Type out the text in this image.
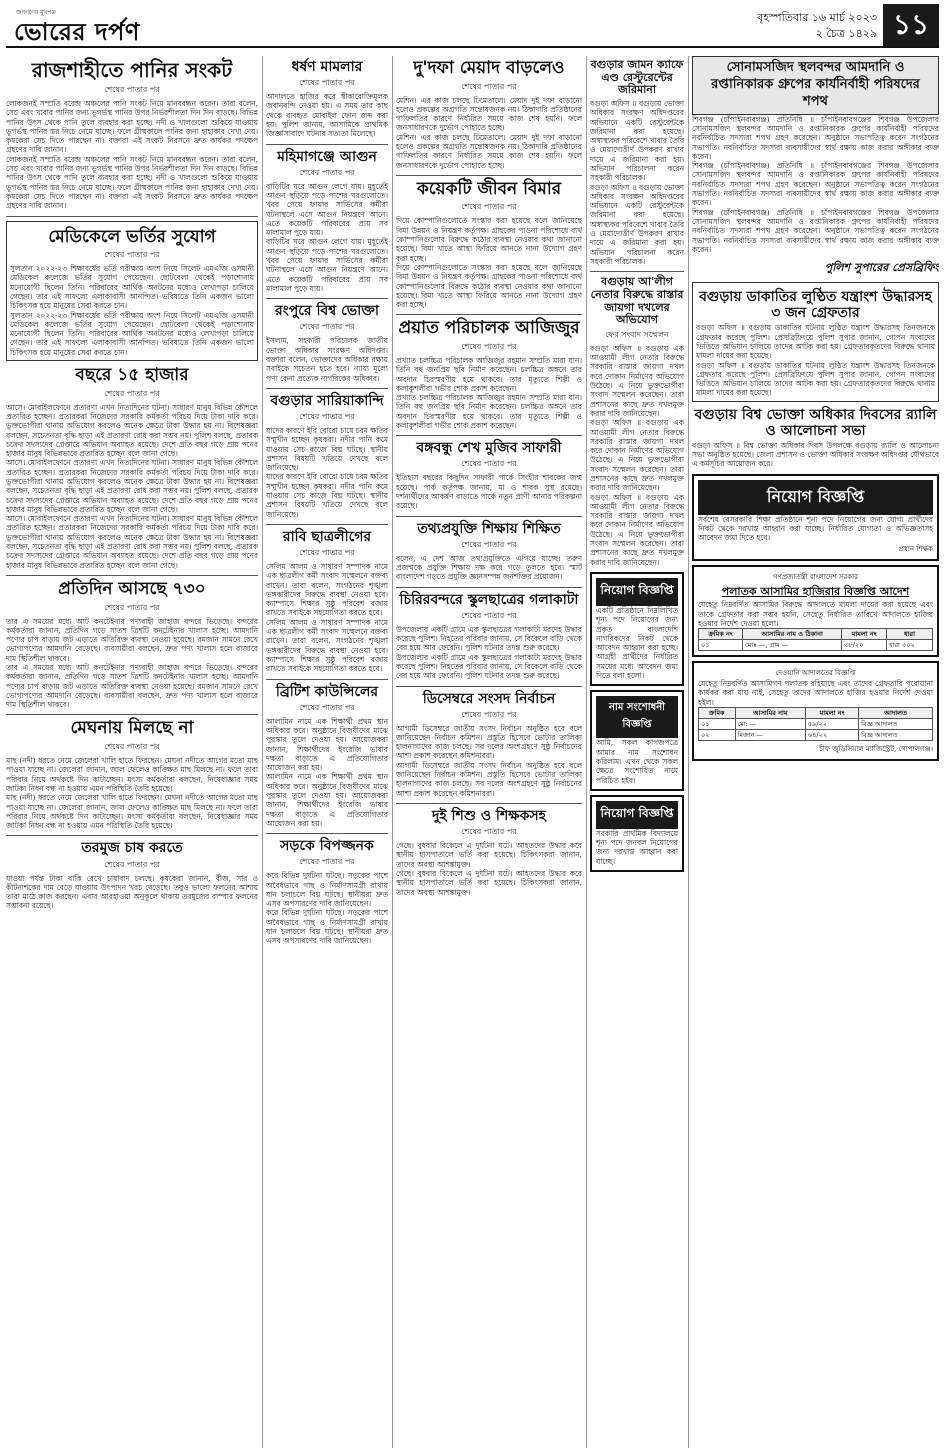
জনগণের মুখপত্র
ভোরের দর্পণ
বৃহস্পতিবার ১৬ মার্চ ২০২৩
২ চৈত্র ১৪২৯ ১১
রাজশাহীতে পানির সংকট
শেষের পাতার পর
লোকজনই সম্প্রতি বরেন্দ্র অঞ্চলের পানি সংকট নিয়ে মানববন্ধন করেন। তারা বলেন, সেচ এবং খাবার পানির জন্য ভূগর্ভস্থ পানির উপর নির্ভরশীলতা দিন দিন বাড়ছে। বিভিন্ন পানির উৎস থেকে পানি তুলে ব্যবহার করা হচ্ছে। নদী ও খালগুলো শুকিয়ে যাওয়ায় ভূগর্ভস্থ পানির স্তর নিচে নেমে যাচ্ছে। ফলে গ্রীষ্মকালে পানির জন্য হাহাকার দেখা দেয়। কৃষকেরা সেচ দিতে পারছেন না। বক্তারা এই সংকট নিরসনে দ্রুত কার্যকর পদক্ষেপ গ্রহণের দাবি জানান।
লোকজনই সম্প্রতি বরেন্দ্র অঞ্চলের পানি সংকট নিয়ে মানববন্ধন করেন। তারা বলেন, সেচ এবং খাবার পানির জন্য ভূগর্ভস্থ পানির উপর নির্ভরশীলতা দিন দিন বাড়ছে। বিভিন্ন পানির উৎস থেকে পানি তুলে ব্যবহার করা হচ্ছে। নদী ও খালগুলো শুকিয়ে যাওয়ায় ভূগর্ভস্থ পানির স্তর নিচে নেমে যাচ্ছে। ফলে গ্রীষ্মকালে পানির জন্য হাহাকার দেখা দেয়। কৃষকেরা সেচ দিতে পারছেন না। বক্তারা এই সংকট নিরসনে দ্রুত কার্যকর পদক্ষেপ গ্রহণের দাবি জানান।
মেডিকেলে ভর্তির সুযোগ
শেষের পাতার পর
সুলতান ২০২২-২৩ শিক্ষাবর্ষের ভর্তি পরীক্ষায় অংশ নিয়ে সিলেট এমএজি ওসমানী মেডিকেল কলেজে ভর্তির সুযোগ পেয়েছেন। ছোটবেলা থেকেই পড়াশোনায় মনোযোগী ছিলেন তিনি। পরিবারের আর্থিক অনটনের মধ্যেও লেখাপড়া চালিয়ে গেছেন। তার এই সাফল্যে এলাকাবাসী আনন্দিত। ভবিষ্যতে তিনি একজন ভালো চিকিৎসক হয়ে মানুষের সেবা করতে চান।
সুলতান ২০২২-২৩ শিক্ষাবর্ষের ভর্তি পরীক্ষায় অংশ নিয়ে সিলেট এমএজি ওসমানী মেডিকেল কলেজে ভর্তির সুযোগ পেয়েছেন। ছোটবেলা থেকেই পড়াশোনায় মনোযোগী ছিলেন তিনি। পরিবারের আর্থিক অনটনের মধ্যেও লেখাপড়া চালিয়ে গেছেন। তার এই সাফল্যে এলাকাবাসী আনন্দিত। ভবিষ্যতে তিনি একজন ভালো চিকিৎসক হয়ে মানুষের সেবা করতে চান।
বছরে ১৫ হাজার
শেষের পাতার পর
আসে। মোবাইলফোনে প্রতারণা এখন নিত্যদিনের ঘটনা। সাধারণ মানুষ বিভিন্ন কৌশলে প্রতারিত হচ্ছেন। প্রতারকরা নিজেদের সরকারি কর্মকর্তা পরিচয় দিয়ে টাকা দাবি করে। ভুক্তভোগীরা থানায় অভিযোগ করলেও অনেক ক্ষেত্রে টাকা উদ্ধার হয় না। বিশেষজ্ঞরা বলছেন, সচেতনতা বৃদ্ধি ছাড়া এই প্রতারণা রোধ করা সম্ভব নয়। পুলিশ বলছে, প্রতারক চক্রের সদস্যদের গ্রেপ্তারে অভিযান অব্যাহত রয়েছে। দেশে প্রতি বছর গড়ে প্রায় পনের হাজার মানুষ বিভিন্নভাবে প্রতারিত হচ্ছেন বলে জানা গেছে।
আসে। মোবাইলফোনে প্রতারণা এখন নিত্যদিনের ঘটনা। সাধারণ মানুষ বিভিন্ন কৌশলে প্রতারিত হচ্ছেন। প্রতারকরা নিজেদের সরকারি কর্মকর্তা পরিচয় দিয়ে টাকা দাবি করে। ভুক্তভোগীরা থানায় অভিযোগ করলেও অনেক ক্ষেত্রে টাকা উদ্ধার হয় না। বিশেষজ্ঞরা বলছেন, সচেতনতা বৃদ্ধি ছাড়া এই প্রতারণা রোধ করা সম্ভব নয়। পুলিশ বলছে, প্রতারক চক্রের সদস্যদের গ্রেপ্তারে অভিযান অব্যাহত রয়েছে। দেশে প্রতি বছর গড়ে প্রায় পনের হাজার মানুষ বিভিন্নভাবে প্রতারিত হচ্ছেন বলে জানা গেছে।
আসে। মোবাইলফোনে প্রতারণা এখন নিত্যদিনের ঘটনা। সাধারণ মানুষ বিভিন্ন কৌশলে প্রতারিত হচ্ছেন। প্রতারকরা নিজেদের সরকারি কর্মকর্তা পরিচয় দিয়ে টাকা দাবি করে। ভুক্তভোগীরা থানায় অভিযোগ করলেও অনেক ক্ষেত্রে টাকা উদ্ধার হয় না। বিশেষজ্ঞরা বলছেন, সচেতনতা বৃদ্ধি ছাড়া এই প্রতারণা রোধ করা সম্ভব নয়। পুলিশ বলছে, প্রতারক চক্রের সদস্যদের গ্রেপ্তারে অভিযান অব্যাহত রয়েছে। দেশে প্রতি বছর গড়ে প্রায় পনের হাজার মানুষ বিভিন্নভাবে প্রতারিত হচ্ছেন বলে জানা গেছে।
প্রতিদিন আসছে ৭৩০
শেষের পাতার পর
তার এ সময়ের মধ্যে আট কনটেইনার পণ্যবাহী জাহাজ বন্দরে ভিড়েছে। বন্দরের কর্মকর্তারা জানান, প্রতিদিন গড়ে সাতশ ত্রিশটি কনটেইনার খালাস হচ্ছে। আমদানি পণ্যের চাপ বাড়ায় জট এড়াতে অতিরিক্ত ব্যবস্থা নেওয়া হয়েছে। রমজান সামনে রেখে ভোগ্যপণ্যের আমদানি বেড়েছে। ব্যবসায়ীরা বলছেন, দ্রুত পণ্য খালাস হলে বাজারে দাম স্থিতিশীল থাকবে।
তার এ সময়ের মধ্যে আট কনটেইনার পণ্যবাহী জাহাজ বন্দরে ভিড়েছে। বন্দরের কর্মকর্তারা জানান, প্রতিদিন গড়ে সাতশ ত্রিশটি কনটেইনার খালাস হচ্ছে। আমদানি পণ্যের চাপ বাড়ায় জট এড়াতে অতিরিক্ত ব্যবস্থা নেওয়া হয়েছে। রমজান সামনে রেখে ভোগ্যপণ্যের আমদানি বেড়েছে। ব্যবসায়ীরা বলছেন, দ্রুত পণ্য খালাস হলে বাজারে দাম স্থিতিশীল থাকবে।
মেঘনায় মিলছে না
শেষের পাতার পর
মাছ (নদী) ধরতে নেমে জেলেরা খালি হাতে ফিরছেন। মেঘনা নদীতে আগের মতো মাছ পাওয়া যাচ্ছে না। জেলেরা জানান, জাল ফেলেও কাঙ্ক্ষিত মাছ মিলছে না। ফলে তারা পরিবার নিয়ে অর্থকষ্টে দিন কাটাচ্ছেন। মৎস্য কর্মকর্তারা বলছেন, নিষেধাজ্ঞার সময় জাটকা নিধন বন্ধ না হওয়ায় এমন পরিস্থিতি তৈরি হয়েছে।
মাছ (নদী) ধরতে নেমে জেলেরা খালি হাতে ফিরছেন। মেঘনা নদীতে আগের মতো মাছ পাওয়া যাচ্ছে না। জেলেরা জানান, জাল ফেলেও কাঙ্ক্ষিত মাছ মিলছে না। ফলে তারা পরিবার নিয়ে অর্থকষ্টে দিন কাটাচ্ছেন। মৎস্য কর্মকর্তারা বলছেন, নিষেধাজ্ঞার সময় জাটকা নিধন বন্ধ না হওয়ায় এমন পরিস্থিতি তৈরি হয়েছে।
তরমুজ চাষ করতে
শেষের পাতার পর
যাওয়া পর্যন্ত টাকা বাকি রেখে চাষাবাদ চলছে। কৃষকেরা জানান, বীজ, সার ও কীটনাশকের দাম বেড়ে যাওয়ায় উৎপাদন খরচ বেড়েছে। তবুও ভালো ফলনের আশায় তারা মাঠে কাজ করছেন। এবার আবহাওয়া অনুকূলে থাকায় তরমুজের বাম্পার ফলনের সম্ভাবনা রয়েছে।
ধর্ষণ মামলার
শেষের পাতার পর
আদালতে হাজির করে স্বীকারোক্তিমূলক জবানবন্দি নেওয়া হয়। এ সময় তার কাছ থেকে ব্যবহৃত মোবাইল ফোন জব্দ করা হয়। পুলিশ জানায়, আসামিকে প্রাথমিক জিজ্ঞাসাবাদে ঘটনার সত্যতা মিলেছে।
মহিমাগঞ্জে আগুন
শেষের পাতার পর
বাড়িটির ঘরে আগুন লেগে যায়। মুহূর্তেই আগুন ছড়িয়ে পড়ে পাশের ঘরগুলোতে। খবর পেয়ে ফায়ার সার্ভিসের কর্মীরা ঘটনাস্থলে এসে আগুন নিয়ন্ত্রণে আনে। এতে কয়েকটি পরিবারের প্রায় সব মালামাল পুড়ে যায়।
বাড়িটির ঘরে আগুন লেগে যায়। মুহূর্তেই আগুন ছড়িয়ে পড়ে পাশের ঘরগুলোতে। খবর পেয়ে ফায়ার সার্ভিসের কর্মীরা ঘটনাস্থলে এসে আগুন নিয়ন্ত্রণে আনে। এতে কয়েকটি পরিবারের প্রায় সব মালামাল পুড়ে যায়।
রংপুরে বিশ্ব ভোক্তা
শেষের পাতার পর
ইসলাম, সহকারী পরিচালক জাতীয় ভোক্তা অধিকার সংরক্ষণ অধিদপ্তর। বক্তারা বলেন, ভোক্তাদের অধিকার রক্ষায় সবাইকে সচেতন হতে হবে। ন্যায্য মূল্যে পণ্য কেনা প্রত্যেক নাগরিকের অধিকার।
বগুড়ার সারিয়াকান্দি
শেষের পাতার পর
যাদের কারণে ইরি বোরো চাষে চরম ক্ষতির সম্মুখীন হচ্ছেন কৃষকরা। নদীর পানি কমে যাওয়ায় সেচ কাজে বিঘ্ন ঘটছে। স্থানীয় প্রশাসন বিষয়টি খতিয়ে দেখছে বলে জানিয়েছে।
যাদের কারণে ইরি বোরো চাষে চরম ক্ষতির সম্মুখীন হচ্ছেন কৃষকরা। নদীর পানি কমে যাওয়ায় সেচ কাজে বিঘ্ন ঘটছে। স্থানীয় প্রশাসন বিষয়টি খতিয়ে দেখছে বলে জানিয়েছে।
রাবি ছাত্রলীগের
শেষের পাতার পর
সেলিম আলম ও সাধারণ সম্পাদক নামে এক ছাত্রলীগ কর্মী সংবাদ সম্মেলনে বক্তব্য রাখেন। তারা বলেন, সংগঠনের শৃঙ্খলা ভঙ্গকারীদের বিরুদ্ধে ব্যবস্থা নেওয়া হবে। ক্যাম্পাসে শিক্ষার সুষ্ঠু পরিবেশ বজায় রাখতে সবাইকে সহযোগিতা করতে হবে।
সেলিম আলম ও সাধারণ সম্পাদক নামে এক ছাত্রলীগ কর্মী সংবাদ সম্মেলনে বক্তব্য রাখেন। তারা বলেন, সংগঠনের শৃঙ্খলা ভঙ্গকারীদের বিরুদ্ধে ব্যবস্থা নেওয়া হবে। ক্যাম্পাসে শিক্ষার সুষ্ঠু পরিবেশ বজায় রাখতে সবাইকে সহযোগিতা করতে হবে।
ব্রিটিশ কাউন্সিলের
শেষের পাতার পর
আলামিন নামে এক শিক্ষার্থী প্রথম স্থান অধিকার করে। অনুষ্ঠানে বিজয়ীদের মাঝে পুরস্কার তুলে দেওয়া হয়। আয়োজকরা জানান, শিক্ষার্থীদের ইংরেজি ভাষার দক্ষতা বাড়াতে এ প্রতিযোগিতার আয়োজন করা হয়।
আলামিন নামে এক শিক্ষার্থী প্রথম স্থান অধিকার করে। অনুষ্ঠানে বিজয়ীদের মাঝে পুরস্কার তুলে দেওয়া হয়। আয়োজকরা জানান, শিক্ষার্থীদের ইংরেজি ভাষার দক্ষতা বাড়াতে এ প্রতিযোগিতার আয়োজন করা হয়।
সড়কে বিপজ্জনক
শেষের পাতার পর
করে বিভিন্ন দুর্ঘটনা ঘটছে। সড়কের পাশে অবৈধভাবে গাছ ও নির্মাণসামগ্রী রাখায় যান চলাচলে বিঘ্ন ঘটছে। স্থানীয়রা দ্রুত এসব অপসারণের দাবি জানিয়েছেন।
করে বিভিন্ন দুর্ঘটনা ঘটছে। সড়কের পাশে অবৈধভাবে গাছ ও নির্মাণসামগ্রী রাখায় যান চলাচলে বিঘ্ন ঘটছে। স্থানীয়রা দ্রুত এসব অপসারণের দাবি জানিয়েছেন।
দু'দফা মেয়াদ বাড়লেও
শেষের পাতার পর
মেশিন। এর কাজ চলছে ঢিমেতালে। মেয়াদ দুই দফা বাড়ানো হলেও প্রকল্পের অগ্রগতি সন্তোষজনক নয়। ঠিকাদারি প্রতিষ্ঠানের গাফিলতির কারণে নির্ধারিত সময়ে কাজ শেষ হয়নি। ফলে জনসাধারণকে দুর্ভোগ পোহাতে হচ্ছে।
মেশিন। এর কাজ চলছে ঢিমেতালে। মেয়াদ দুই দফা বাড়ানো হলেও প্রকল্পের অগ্রগতি সন্তোষজনক নয়। ঠিকাদারি প্রতিষ্ঠানের গাফিলতির কারণে নির্ধারিত সময়ে কাজ শেষ হয়নি। ফলে জনসাধারণকে দুর্ভোগ পোহাতে হচ্ছে।
কয়েকটি জীবন বিমার
শেষের পাতার পর
দিয়ে কোম্পানিগুলোতে সংস্কার করা হয়েছে বলে জানিয়েছে বিমা উন্নয়ন ও নিয়ন্ত্রণ কর্তৃপক্ষ। গ্রাহকের পাওনা পরিশোধে ব্যর্থ কোম্পানিগুলোর বিরুদ্ধে কঠোর ব্যবস্থা নেওয়ার কথা জানানো হয়েছে। বিমা খাতে আস্থা ফিরিয়ে আনতে নানা উদ্যোগ গ্রহণ করা হচ্ছে।
দিয়ে কোম্পানিগুলোতে সংস্কার করা হয়েছে বলে জানিয়েছে বিমা উন্নয়ন ও নিয়ন্ত্রণ কর্তৃপক্ষ। গ্রাহকের পাওনা পরিশোধে ব্যর্থ কোম্পানিগুলোর বিরুদ্ধে কঠোর ব্যবস্থা নেওয়ার কথা জানানো হয়েছে। বিমা খাতে আস্থা ফিরিয়ে আনতে নানা উদ্যোগ গ্রহণ করা হচ্ছে।
প্রয়াত পরিচালক আজিজুর
শেষের পাতার পর
প্রখ্যাত চলচ্চিত্র পরিচালক আজিজুর রহমান সম্প্রতি মারা যান। তিনি বহু জনপ্রিয় ছবি নির্মাণ করেছেন। চলচ্চিত্র অঙ্গনে তার অবদান চিরস্মরণীয় হয়ে থাকবে। তার মৃত্যুতে শিল্পী ও কলাকুশলীরা গভীর শোক প্রকাশ করেছেন।
প্রখ্যাত চলচ্চিত্র পরিচালক আজিজুর রহমান সম্প্রতি মারা যান। তিনি বহু জনপ্রিয় ছবি নির্মাণ করেছেন। চলচ্চিত্র অঙ্গনে তার অবদান চিরস্মরণীয় হয়ে থাকবে। তার মৃত্যুতে শিল্পী ও কলাকুশলীরা গভীর শোক প্রকাশ করেছেন।
বঙ্গবন্ধু শেখ মুজিব সাফারী
শেষের পাতার পর
ইতিহাস বছরের কিছুদিন সাফারী পার্কে সিংহীর শাবকের জন্ম হয়েছে। পার্ক কর্তৃপক্ষ জানায়, মা ও শাবক সুস্থ রয়েছে। দর্শনার্থীদের আকর্ষণ বাড়াতে পার্কে নতুন প্রাণী আনার পরিকল্পনা রয়েছে।
তথ্যপ্রযুক্তি শিক্ষায় শিক্ষিত
শেষের পাতার পর
বলেন, এ দেশ আজ তথ্যপ্রযুক্তিতে এগিয়ে যাচ্ছে। তরুণ প্রজন্মকে প্রযুক্তি শিক্ষায় দক্ষ করে গড়ে তুলতে হবে। স্মার্ট বাংলাদেশ গড়তে প্রযুক্তি জ্ঞানসম্পন্ন জনশক্তির প্রয়োজন।
চিরিরবন্দরে স্কুলছাত্রের গলাকাটা
শেষের পাতার পর
উপজেলার একটি গ্রামে এক স্কুলছাত্রের গলাকাটা মরদেহ উদ্ধার করেছে পুলিশ। নিহতের পরিবার জানায়, সে বিকেলে বাড়ি থেকে বের হয়ে আর ফেরেনি। পুলিশ ঘটনার তদন্ত শুরু করেছে।
উপজেলার একটি গ্রামে এক স্কুলছাত্রের গলাকাটা মরদেহ উদ্ধার করেছে পুলিশ। নিহতের পরিবার জানায়, সে বিকেলে বাড়ি থেকে বের হয়ে আর ফেরেনি। পুলিশ ঘটনার তদন্ত শুরু করেছে।
ডিসেম্বরে সংসদ নির্বাচন
শেষের পাতার পর
আগামী ডিসেম্বরে জাতীয় সংসদ নির্বাচন অনুষ্ঠিত হবে বলে জানিয়েছেন নির্বাচন কমিশন। প্রস্তুতি হিসেবে ভোটার তালিকা হালনাগাদের কাজ চলছে। সব দলের অংশগ্রহণে সুষ্ঠু নির্বাচনের আশা প্রকাশ করেছেন কমিশনাররা।
আগামী ডিসেম্বরে জাতীয় সংসদ নির্বাচন অনুষ্ঠিত হবে বলে জানিয়েছেন নির্বাচন কমিশন। প্রস্তুতি হিসেবে ভোটার তালিকা হালনাগাদের কাজ চলছে। সব দলের অংশগ্রহণে সুষ্ঠু নির্বাচনের আশা প্রকাশ করেছেন কমিশনাররা।
দুই শিশু ও শিক্ষকসহ
শেষের পাতার পর
গেছে। বুধবার বিকেলে এ দুর্ঘটনা ঘটে। আহতদের উদ্ধার করে স্থানীয় হাসপাতালে ভর্তি করা হয়েছে। চিকিৎসকরা জানান, তাদের অবস্থা আশঙ্কামুক্ত।
গেছে। বুধবার বিকেলে এ দুর্ঘটনা ঘটে। আহতদের উদ্ধার করে স্থানীয় হাসপাতালে ভর্তি করা হয়েছে। চিকিৎসকরা জানান, তাদের অবস্থা আশঙ্কামুক্ত।
বগুড়ার জামন ক্যাফে এণ্ড রেস্টুরেন্টের জরিমানা
বগুড়া অফিস ॥ বগুড়ায় ভোক্তা অধিকার সংরক্ষণ অধিদপ্তরের অভিযানে একটি রেস্টুরেন্টকে জরিমানা করা হয়েছে। অস্বাস্থ্যকর পরিবেশে খাবার তৈরি ও মেয়াদোত্তীর্ণ উপকরণ রাখার দায়ে এ জরিমানা করা হয়। অভিযান পরিচালনা করেন সহকারী পরিচালক।
বগুড়া অফিস ॥ বগুড়ায় ভোক্তা অধিকার সংরক্ষণ অধিদপ্তরের অভিযানে একটি রেস্টুরেন্টকে জরিমানা করা হয়েছে। অস্বাস্থ্যকর পরিবেশে খাবার তৈরি ও মেয়াদোত্তীর্ণ উপকরণ রাখার দায়ে এ জরিমানা করা হয়। অভিযান পরিচালনা করেন সহকারী পরিচালক।
বগুড়ায় আ'লীগ নেতার বিরুদ্ধে রাস্তার জায়গা দখলের অভিযোগ
ফের সংবাদ সম্মেলন
বগুড়া অফিস ॥ বগুড়ায় এক আওয়ামী লীগ নেতার বিরুদ্ধে সরকারি রাস্তার জায়গা দখল করে দোকান নির্মাণের অভিযোগ উঠেছে। এ নিয়ে ভুক্তভোগীরা সংবাদ সম্মেলন করেছেন। তারা প্রশাসনের কাছে দ্রুত দখলমুক্ত করার দাবি জানিয়েছেন।
বগুড়া অফিস ॥ বগুড়ায় এক আওয়ামী লীগ নেতার বিরুদ্ধে সরকারি রাস্তার জায়গা দখল করে দোকান নির্মাণের অভিযোগ উঠেছে। এ নিয়ে ভুক্তভোগীরা সংবাদ সম্মেলন করেছেন। তারা প্রশাসনের কাছে দ্রুত দখলমুক্ত করার দাবি জানিয়েছেন।
বগুড়া অফিস ॥ বগুড়ায় এক আওয়ামী লীগ নেতার বিরুদ্ধে সরকারি রাস্তার জায়গা দখল করে দোকান নির্মাণের অভিযোগ উঠেছে। এ নিয়ে ভুক্তভোগীরা সংবাদ সম্মেলন করেছেন। তারা প্রশাসনের কাছে দ্রুত দখলমুক্ত করার দাবি জানিয়েছেন।
নিয়োগ বিজ্ঞপ্তি
একটি প্রতিষ্ঠানে নিম্নলিখিত শূন্য পদে নিয়োগের জন্য প্রকৃত বাংলাদেশি নাগরিকদের নিকট থেকে আবেদন আহ্বান করা হচ্ছে। আগ্রহী প্রার্থীদের নির্ধারিত সময়ের মধ্যে আবেদন জমা দিতে বলা হলো।
নাম সংশোধনী বিজ্ঞপ্তি
আমি, সকল কাগজপত্রে আমার নাম সংশোধন করিলাম। এখন থেকে সকল ক্ষেত্রে সংশোধিত নামে পরিচিত হইব।
নিয়োগ বিজ্ঞপ্তি
সরকারি প্রাথমিক বিদ্যালয়ে শূন্য পদে জনবল নিয়োগের জন্য দরখাস্ত আহ্বান করা যাচ্ছে।
সোনামসজিদ স্থলবন্দর আমদানি ও রপ্তানিকারক গ্রুপের কার্যনির্বাহী পরিষদের শপথ
শিবগঞ্জ (চাঁপাইনবাবগঞ্জ) প্রতিনিধি ॥ চাঁপাইনবাবগঞ্জের শিবগঞ্জ উপজেলার সোনামসজিদ স্থলবন্দর আমদানি ও রপ্তানিকারক গ্রুপের কার্যনির্বাহী পরিষদের নবনির্বাচিত সদস্যরা শপথ গ্রহণ করেছেন। অনুষ্ঠানে সভাপতিত্ব করেন সংগঠনের সভাপতি। নবনির্বাচিত সদস্যরা ব্যবসায়ীদের স্বার্থ রক্ষায় কাজ করার অঙ্গীকার ব্যক্ত করেন।
শিবগঞ্জ (চাঁপাইনবাবগঞ্জ) প্রতিনিধি ॥ চাঁপাইনবাবগঞ্জের শিবগঞ্জ উপজেলার সোনামসজিদ স্থলবন্দর আমদানি ও রপ্তানিকারক গ্রুপের কার্যনির্বাহী পরিষদের নবনির্বাচিত সদস্যরা শপথ গ্রহণ করেছেন। অনুষ্ঠানে সভাপতিত্ব করেন সংগঠনের সভাপতি। নবনির্বাচিত সদস্যরা ব্যবসায়ীদের স্বার্থ রক্ষায় কাজ করার অঙ্গীকার ব্যক্ত করেন।
শিবগঞ্জ (চাঁপাইনবাবগঞ্জ) প্রতিনিধি ॥ চাঁপাইনবাবগঞ্জের শিবগঞ্জ উপজেলার সোনামসজিদ স্থলবন্দর আমদানি ও রপ্তানিকারক গ্রুপের কার্যনির্বাহী পরিষদের নবনির্বাচিত সদস্যরা শপথ গ্রহণ করেছেন। অনুষ্ঠানে সভাপতিত্ব করেন সংগঠনের সভাপতি। নবনির্বাচিত সদস্যরা ব্যবসায়ীদের স্বার্থ রক্ষায় কাজ করার অঙ্গীকার ব্যক্ত করেন।
পুলিশ সুপারের প্রেসব্রিফিং
বগুড়ায় ডাকাতির লুণ্ঠিত যন্ত্রাংশ উদ্ধারসহ ৩ জন গ্রেফতার
বগুড়া অফিস ॥ বগুড়ায় ডাকাতির ঘটনায় লুণ্ঠিত যন্ত্রাংশ উদ্ধারসহ তিনজনকে গ্রেফতার করেছে পুলিশ। প্রেসব্রিফিংয়ে পুলিশ সুপার জানান, গোপন সংবাদের ভিত্তিতে অভিযান চালিয়ে তাদের আটক করা হয়। গ্রেফতারকৃতদের বিরুদ্ধে থানায় মামলা দায়ের করা হয়েছে।
বগুড়া অফিস ॥ বগুড়ায় ডাকাতির ঘটনায় লুণ্ঠিত যন্ত্রাংশ উদ্ধারসহ তিনজনকে গ্রেফতার করেছে পুলিশ। প্রেসব্রিফিংয়ে পুলিশ সুপার জানান, গোপন সংবাদের ভিত্তিতে অভিযান চালিয়ে তাদের আটক করা হয়। গ্রেফতারকৃতদের বিরুদ্ধে থানায় মামলা দায়ের করা হয়েছে।
বগুড়ায় বিশ্ব ভোক্তা অধিকার দিবসের র‌্যালি ও আলোচনা সভা
বগুড়া অফিস ॥ বিশ্ব ভোক্তা অধিকার দিবস উপলক্ষে বগুড়ায় র‌্যালি ও আলোচনা সভা অনুষ্ঠিত হয়েছে। জেলা প্রশাসন ও ভোক্তা অধিকার সংরক্ষণ অধিদপ্তর যৌথভাবে এ কর্মসূচির আয়োজন করে।
নিয়োগ বিজ্ঞপ্তি
সর্বশেষ বেসরকারি শিক্ষা প্রতিষ্ঠানে শূন্য পদে নিয়োগের জন্য যোগ্য প্রার্থীদের নিকট থেকে দরখাস্ত আহ্বান করা যাচ্ছে। নির্ধারিত যোগ্যতা ও অভিজ্ঞতাসহ আবেদন জমা দিতে হবে।
প্রধান শিক্ষক
গণপ্রজাতন্ত্রী বাংলাদেশ সরকার
পলাতক আসামির হাজিরার বিজ্ঞপ্তি আদেশ
যেহেতু নিম্নবর্ণিত আসামির বিরুদ্ধে আদালতে মামলা দায়ের করা হয়েছে এবং তাকে গ্রেফতার করা সম্ভব হয়নি, সেহেতু নির্ধারিত তারিখে আদালতে হাজির হওয়ার নির্দেশ দেওয়া হলো।
ক্রমিক নং	আসামির নাম ও ঠিকানা	মামলা নং	ধারা
০১	মোঃ —, গ্রাম —	৩৮/২০	ধারা ৩০২
দেওয়ানি আদালতের বিজ্ঞপ্তি
যেহেতু নিম্নবর্ণিত আসামিগণ পলাতক রহিয়াছে এবং তাদের গ্রেফতারি পরোয়ানা কার্যকর করা যায় নাই, সেহেতু তাদের আদালতে হাজির হওয়ার নির্দেশ দেওয়া হইল।
ক্রমিক	আসামির নাম	মামলা নং	আদালত
০১	মো: —	৫৯/২২	বিজ্ঞ আদালত
০২	মিজান —	৬৪/২২	বিজ্ঞ আদালত
চীফ জুডিসিয়াল ম্যাজিস্ট্রেট, গোপালগঞ্জ।
